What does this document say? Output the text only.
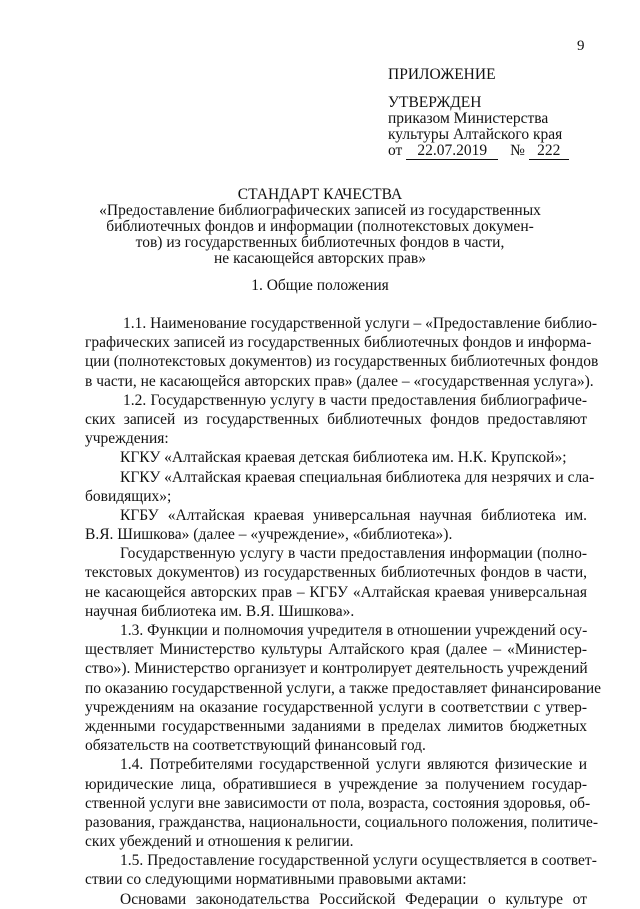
9
ПРИЛОЖЕНИЕ
УТВЕРЖДЕН
приказом Министерства
культуры Алтайского края
от 22.07.2019 № 222
СТАНДАРТ КАЧЕСТВА
«Предоставление библиографических записей из государственных
библиотечных фондов и информации (полнотекстовых докумен-
тов) из государственных библиотечных фондов в части,
не касающейся авторских прав»
1. Общие положения
1.1. Наименование государственной услуги – «Предоставление библио-
графических записей из государственных библиотечных фондов и информа-
ции (полнотекстовых документов) из государственных библиотечных фондов
в части, не касающейся авторских прав» (далее – «государственная услуга»).
1.2. Государственную услугу в части предоставления библиографиче-
ских записей из государственных библиотечных фондов предоставляют
учреждения:
КГКУ «Алтайская краевая детская библиотека им. Н.К. Крупской»;
КГКУ «Алтайская краевая специальная библиотека для незрячих и сла-
бовидящих»;
КГБУ «Алтайская краевая универсальная научная библиотека им.
В.Я. Шишкова» (далее – «учреждение», «библиотека»).
Государственную услугу в части предоставления информации (полно-
текстовых документов) из государственных библиотечных фондов в части,
не касающейся авторских прав – КГБУ «Алтайская краевая универсальная
научная библиотека им. В.Я. Шишкова».
1.3. Функции и полномочия учредителя в отношении учреждений осу-
ществляет Министерство культуры Алтайского края (далее – «Министер-
ство»). Министерство организует и контролирует деятельность учреждений
по оказанию государственной услуги, а также предоставляет финансирование
учреждениям на оказание государственной услуги в соответствии с утвер-
жденными государственными заданиями в пределах лимитов бюджетных
обязательств на соответствующий финансовый год.
1.4. Потребителями государственной услуги являются физические и
юридические лица, обратившиеся в учреждение за получением государ-
ственной услуги вне зависимости от пола, возраста, состояния здоровья, об-
разования, гражданства, национальности, социального положения, политиче-
ских убеждений и отношения к религии.
1.5. Предоставление государственной услуги осуществляется в соответ-
ствии со следующими нормативными правовыми актами:
Основами законодательства Российской Федерации о культуре от
